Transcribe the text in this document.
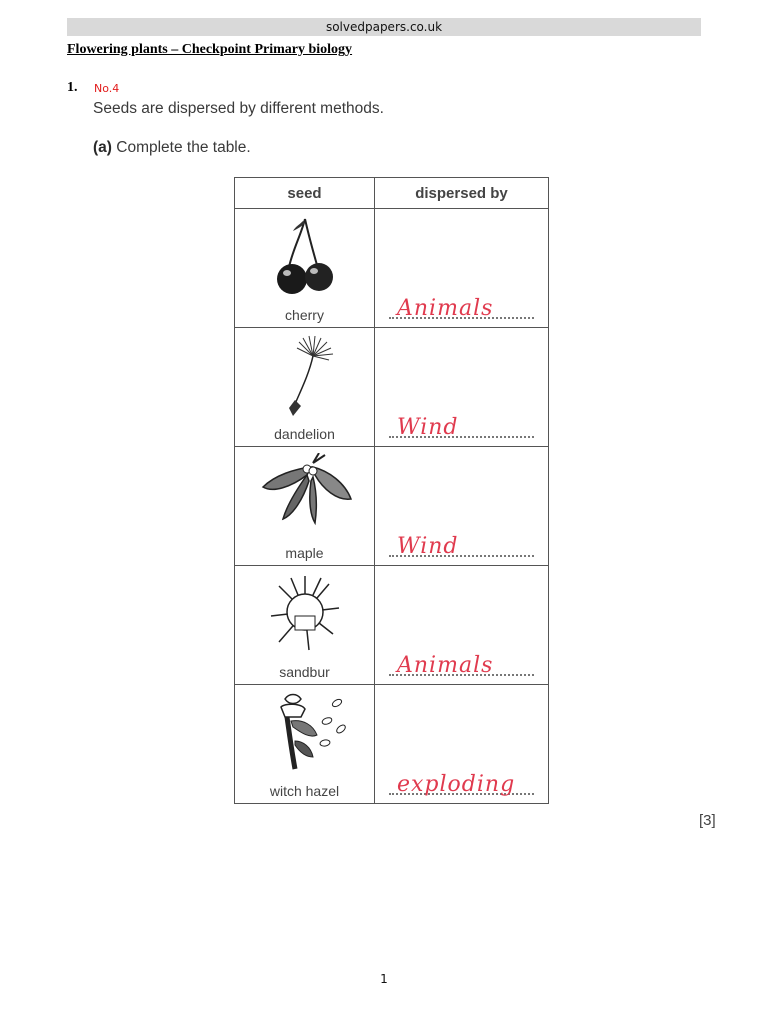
solvedpapers.co.uk
Flowering plants – Checkpoint Primary biology
1. No.4
Seeds are dispersed by different methods.
(a) Complete the table.
seed	dispersed by

cherry	Animals

dandelion	Wind

maple	Wind

sandbur	Animals

witch hazel	exploding
[3]
1
